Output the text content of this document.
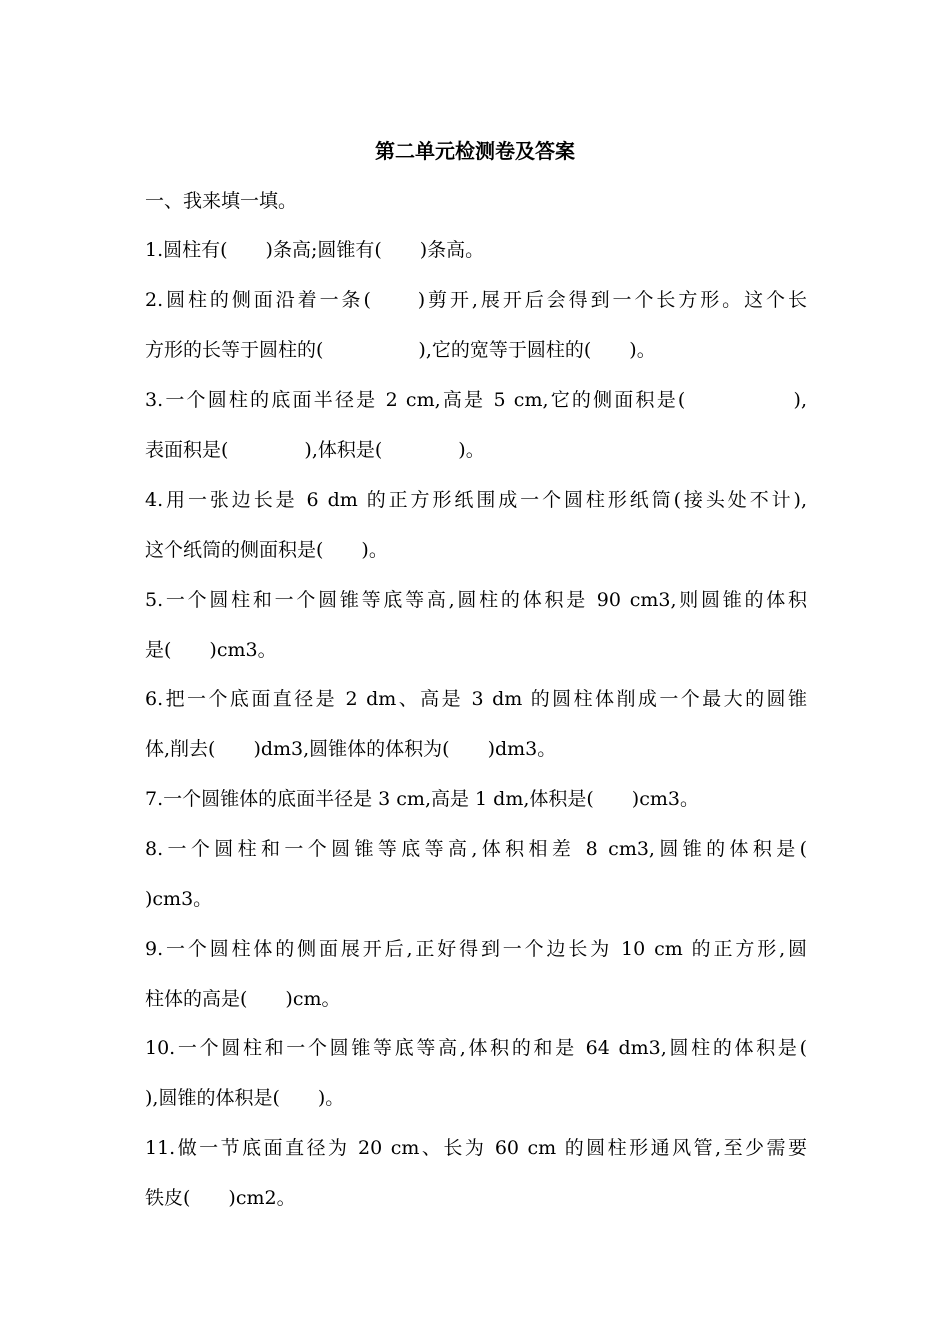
第二单元检测卷及答案
一、我来填一填。
1.圆柱有(　　)条高;圆锥有(　　)条高。
2.圆柱的侧面沿着一条(　　)剪开,展开后会得到一个长方形。这个长
方形的长等于圆柱的(　　　　　),它的宽等于圆柱的(　　)。
3.一个圆柱的底面半径是 2 cm,高是 5 cm,它的侧面积是(　　　　　),
表面积是(　　　　),体积是(　　　　)。
4.用一张边长是 6 dm 的正方形纸围成一个圆柱形纸筒(接头处不计),
这个纸筒的侧面积是(　　)。
5.一个圆柱和一个圆锥等底等高,圆柱的体积是 90 cm3,则圆锥的体积
是(　　)cm3。
6.把一个底面直径是 2 dm、高是 3 dm 的圆柱体削成一个最大的圆锥
体,削去(　　)dm3,圆锥体的体积为(　　)dm3。
7.一个圆锥体的底面半径是 3 cm,高是 1 dm,体积是(　　)cm3。
8.一个圆柱和一个圆锥等底等高,体积相差 8 cm3,圆锥的体积是(
)cm3。
9.一个圆柱体的侧面展开后,正好得到一个边长为 10 cm 的正方形,圆
柱体的高是(　　)cm。
10.一个圆柱和一个圆锥等底等高,体积的和是 64 dm3,圆柱的体积是(
),圆锥的体积是(　　)。
11.做一节底面直径为 20 cm、长为 60 cm 的圆柱形通风管,至少需要
铁皮(　　)cm2。
